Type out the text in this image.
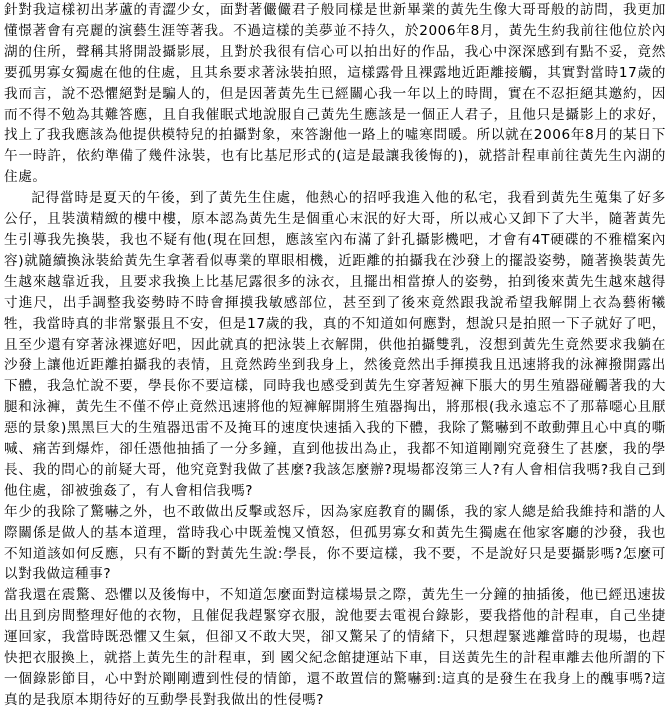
針對我這樣初出茅蘆的青澀少女，面對著儼儼君子般同樣是世新畢業的黃先生像大哥哥般的訪問，我更加懂憬著會有亮麗的演藝生涯等著我。不過這樣的美夢並不持久，於2006年8月，黃先生約我前往他位於內湖的住所，聲稱其將開設攝影展，且對於我很有信心可以拍出好的作品，我心中深深感到有點不妥，竟然要孤男寡女獨處在他的住處，且其糸要求著泳裝拍照，這樣露骨且裸露地近距離接觸，其實對當時17歲的我而言，說不恐懼絕對是騙人的，但是因著黃先生已經關心我一年以上的時間，實在不忍拒絕其邀約，因而不得不勉為其難答應，且自我催眠式地說服自己黃先生應該是一個正人君子，且他只是攝影上的求好，找上了我我應該為他提供模特兒的拍攝對象，來答謝他一路上的噓寒問暖。所以就在2006年8月的某日下午一時許，依約準備了幾件泳裝，也有比基尼形式的(這是最讓我後悔的)，就搭計程車前往黃先生內湖的住處。

記得當時是夏天的午後，到了黃先生住處，他熱心的招呼我進入他的私宅，我看到黃先生蒐集了好多公仔，且裝潢精緻的樓中樓，原本認為黃先生是個重心末泯的好大哥，所以戒心又卸下了大半，隨著黃先生引導我先換裝，我也不疑有他(現在回想，應該室內布滿了針孔攝影機吧，才會有4T硬碟的不雅檔案內容)就隨續換泳裝給黃先生拿著看似專業的單眼相機，近距離的拍攝我在沙發上的擺設姿勢，隨著換裝黃先生越來越靠近我，且要求我換上比基尼露很多的泳衣，且擺出相當撩人的姿勢，拍到後來黃先生越來越得寸進尺，出手調整我姿勢時不時會揮摸我敏感部位，甚至到了後來竟然跟我說希望我解開上衣為藝術犧牲，我當時真的非常緊張且不安，但是17歲的我，真的不知道如何應對，想說只是拍照一下子就好了吧，且至少還有穿著泳裸遮好吧，因此就真的把泳裝上衣解開，供他拍攝雙乳，沒想到黃先生竟然要求我躺在沙發上讓他近距離拍攝我的表情，且竟然跨坐到我身上，然後竟然出手揮摸我且迅速將我的泳褲撥開露出下體，我急忙說不要，學長你不要這樣，同時我也感受到黃先生穿著短褲下脹大的男生殖器碰觸著我的大腿和泳褲，黃先生不僅不停止竟然迅速將他的短褲解開將生殖器掏出，將那根(我永遠忘不了那幕噁心且厭惡的景象)黑黑巨大的生殖器迅雷不及掩耳的速度快速插入我的下體，我除了驚嚇到不敢動彈且心中真的嘶喊、痛苦到爆炸，卻任憑他抽插了一分多鐘，直到他拔出為止，我都不知道剛剛究竟發生了甚麼，我的學長、我的問心的前疑大哥，他究竟對我做了甚麼?我該怎麼辦?現場都沒第三人?有人會相信我嗎?我自己到他住處，卻被強姦了，有人會相信我嗎?

年少的我除了驚嚇之外，也不敢做出反擊或怒斥，因為家庭教育的關係，我的家人總是給我維持和諧的人際關係是做人的基本道理，當時我心中既羞愧又憤怒，但孤男寡女和黃先生獨處在他家客廳的沙發，我也不知道該如何反應，只有不斷的對黃先生說:學長，你不要這樣，我不要，不是說好只是要攝影嗎?怎麼可以對我做這種事?

當我還在震驚、恐懼以及後悔中，不知道怎麼面對這樣場景之際，黃先生一分鐘的抽插後，他已經迅速拔出且到房間整理好他的衣物，且催促我趕緊穿衣服，說他要去電視台錄影，要我搭他的計程車，自己坐捷運回家，我當時既恐懼又生氣，但卻又不敢大哭，卻又驚呆了的情緒下，只想趕緊逃離當時的現場，也趕快把衣服換上，就搭上黃先生的計程車，到 國父紀念館捷運站下車，目送黃先生的計程車離去他所謂的下一個錄影節目，心中對於剛剛遭到性侵的情節，還不敢置信的驚嚇到:這真的是發生在我身上的醜事嗎?這真的是我原本期待好的互動學長對我做出的性侵嗎?
